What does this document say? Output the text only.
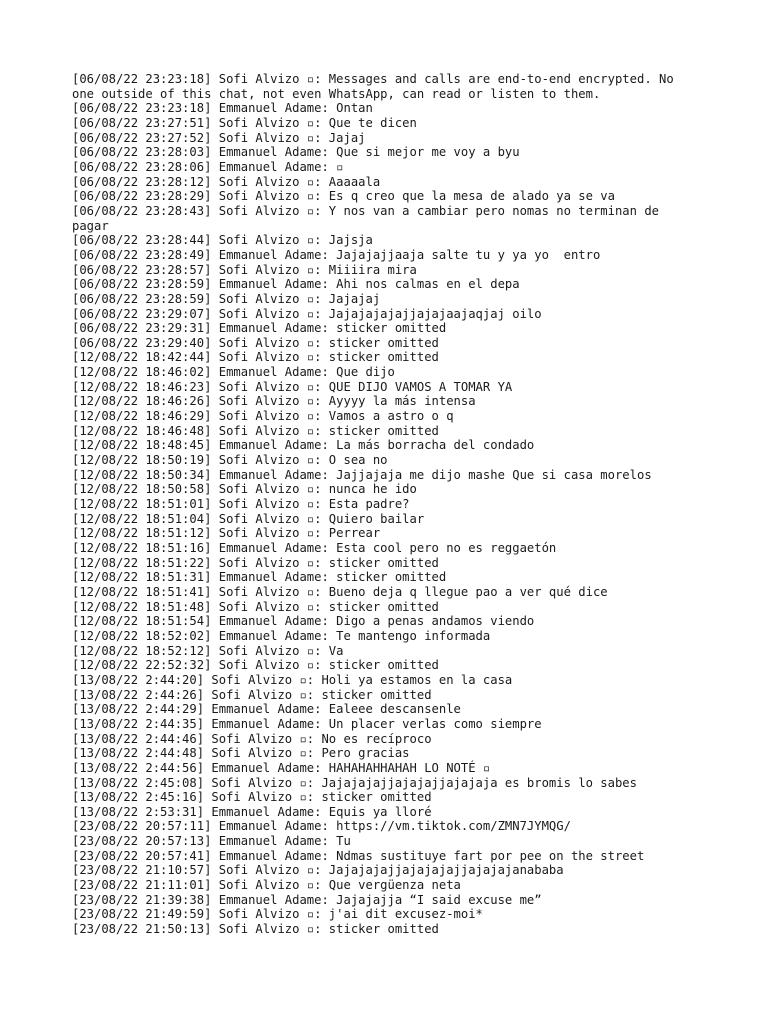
[06/08/22 23:23:18] Sofi Alvizo ▫: Messages and calls are end-to-end encrypted. No one outside of this chat, not even WhatsApp, can read or listen to them.
[06/08/22 23:23:18] Emmanuel Adame: Ontan
[06/08/22 23:27:51] Sofi Alvizo ▫: Que te dicen
[06/08/22 23:27:52] Sofi Alvizo ▫: Jajaj
[06/08/22 23:28:03] Emmanuel Adame: Que si mejor me voy a byu
[06/08/22 23:28:06] Emmanuel Adame: ▫
[06/08/22 23:28:12] Sofi Alvizo ▫: Aaaaala
[06/08/22 23:28:29] Sofi Alvizo ▫: Es q creo que la mesa de alado ya se va
[06/08/22 23:28:43] Sofi Alvizo ▫: Y nos van a cambiar pero nomas no terminan de pagar
[06/08/22 23:28:44] Sofi Alvizo ▫: Jajsja
[06/08/22 23:28:49] Emmanuel Adame: Jajajajjaaja salte tu y ya yo  entro
[06/08/22 23:28:57] Sofi Alvizo ▫: Miiiira mira
[06/08/22 23:28:59] Emmanuel Adame: Ahi nos calmas en el depa
[06/08/22 23:28:59] Sofi Alvizo ▫: Jajajaj
[06/08/22 23:29:07] Sofi Alvizo ▫: Jajajajajajjajajaajaqjaj oilo
[06/08/22 23:29:31] Emmanuel Adame: sticker omitted
[06/08/22 23:29:40] Sofi Alvizo ▫: sticker omitted
[12/08/22 18:42:44] Sofi Alvizo ▫: sticker omitted
[12/08/22 18:46:02] Emmanuel Adame: Que dijo
[12/08/22 18:46:23] Sofi Alvizo ▫: QUE DIJO VAMOS A TOMAR YA
[12/08/22 18:46:26] Sofi Alvizo ▫: Ayyyy la más intensa
[12/08/22 18:46:29] Sofi Alvizo ▫: Vamos a astro o q
[12/08/22 18:46:48] Sofi Alvizo ▫: sticker omitted
[12/08/22 18:48:45] Emmanuel Adame: La más borracha del condado
[12/08/22 18:50:19] Sofi Alvizo ▫: O sea no
[12/08/22 18:50:34] Emmanuel Adame: Jajjajaja me dijo mashe Que si casa morelos
[12/08/22 18:50:58] Sofi Alvizo ▫: nunca he ido
[12/08/22 18:51:01] Sofi Alvizo ▫: Esta padre?
[12/08/22 18:51:04] Sofi Alvizo ▫: Quiero bailar
[12/08/22 18:51:12] Sofi Alvizo ▫: Perrear
[12/08/22 18:51:16] Emmanuel Adame: Esta cool pero no es reggaetón
[12/08/22 18:51:22] Sofi Alvizo ▫: sticker omitted
[12/08/22 18:51:31] Emmanuel Adame: sticker omitted
[12/08/22 18:51:41] Sofi Alvizo ▫: Bueno deja q llegue pao a ver qué dice
[12/08/22 18:51:48] Sofi Alvizo ▫: sticker omitted
[12/08/22 18:51:54] Emmanuel Adame: Digo a penas andamos viendo
[12/08/22 18:52:02] Emmanuel Adame: Te mantengo informada
[12/08/22 18:52:12] Sofi Alvizo ▫: Va
[12/08/22 22:52:32] Sofi Alvizo ▫: sticker omitted
[13/08/22 2:44:20] Sofi Alvizo ▫: Holi ya estamos en la casa
[13/08/22 2:44:26] Sofi Alvizo ▫: sticker omitted
[13/08/22 2:44:29] Emmanuel Adame: Ealeee descansenle
[13/08/22 2:44:35] Emmanuel Adame: Un placer verlas como siempre
[13/08/22 2:44:46] Sofi Alvizo ▫: No es recíproco
[13/08/22 2:44:48] Sofi Alvizo ▫: Pero gracias
[13/08/22 2:44:56] Emmanuel Adame: HAHAHAHHAHAH LO NOTÉ ▫
[13/08/22 2:45:08] Sofi Alvizo ▫: Jajajajajjajajajjajajaja es bromis lo sabes
[13/08/22 2:45:16] Sofi Alvizo ▫: sticker omitted
[13/08/22 2:53:31] Emmanuel Adame: Equis ya lloré
[23/08/22 20:57:11] Emmanuel Adame: https://vm.tiktok.com/ZMN7JYMQG/
[23/08/22 20:57:13] Emmanuel Adame: Tu
[23/08/22 20:57:41] Emmanuel Adame: Ndmas sustituye fart por pee on the street
[23/08/22 21:10:57] Sofi Alvizo ▫: Jajajajajjajajajajjajajajanababa
[23/08/22 21:11:01] Sofi Alvizo ▫: Que vergüenza neta
[23/08/22 21:39:38] Emmanuel Adame: Jajajajja “I said excuse me”
[23/08/22 21:49:59] Sofi Alvizo ▫: j'ai dit excusez-moi*
[23/08/22 21:50:13] Sofi Alvizo ▫: sticker omitted
